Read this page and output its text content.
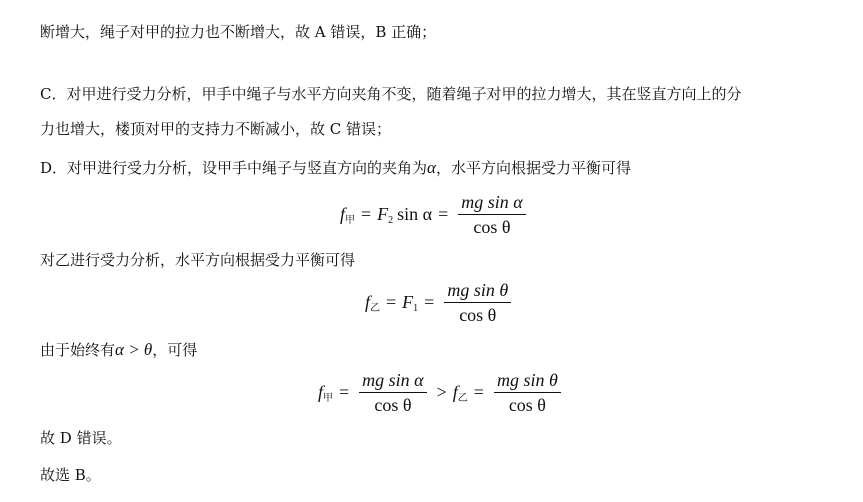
断增大，绳子对甲的拉力也不断增大，故 A 错误，B 正确；
C．对甲进行受力分析，甲手中绳子与水平方向夹角不变，随着绳子对甲的拉力增大，其在竖直方向上的分
力也增大，楼顶对甲的支持力不断减小，故 C 错误；
D．对甲进行受力分析，设甲手中绳子与竖直方向的夹角为α，水平方向根据受力平衡可得
$f_甲 = F_2$ $\sin \alpha = \frac{\text{mg sin α}}{\text{cos θ}}$
对乙进行受力分析，水平方向根据受力平衡可得
$f_乙 = F_1 = \frac{\text{mg sin θ}}{\text{cos θ}}$
由于始终有α > θ，可得
$f_甲 = \frac{\text{mg sin α}}{\text{cos θ}} > f_乙 = \frac{\text{mg sin θ}}{\text{cos θ}}$
故 D 错误。
故选 B。
